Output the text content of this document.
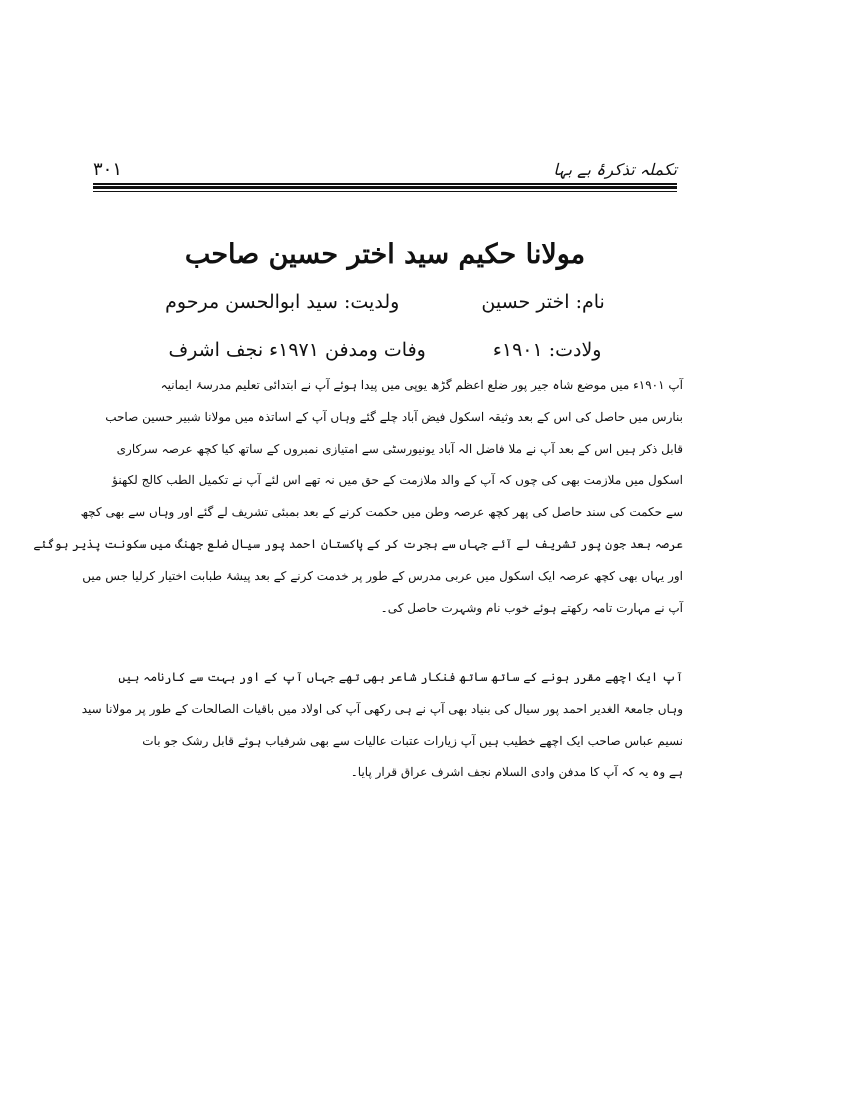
۳۰۱	تکملہ تذکرۂ بے بہا
مولانا حکیم سید اختر حسین صاحب
نام: اختر حسین  ولدیت: سید ابوالحسن مرحوم
ولادت: ۱۹۰۱ء  وفات ومدفن ۱۹۷۱ء نجف اشرف
آپ ۱۹۰۱ء میں موضع شاہ جیر پور ضلع اعظم گڑھ یوپی میں پیدا ہوئے آپ نے ابتدائی تعلیم مدرسۂ ایمانیہ
بنارس میں حاصل کی اس کے بعد وثیقہ اسکول فیض آباد چلے گئے وہاں آپ کے اساتذہ میں مولانا شبیر حسین صاحب
قابل ذکر ہیں اس کے بعد آپ نے ملا فاضل الہ آباد یونیورسٹی سے امتیازی نمبروں کے ساتھ کیا کچھ عرصہ سرکاری
اسکول میں ملازمت بھی کی چوں کہ آپ کے والد ملازمت کے حق میں نہ تھے اس لئے آپ نے تکمیل الطب کالج لکھنؤ
سے حکمت کی سند حاصل کی پھر کچھ عرصہ وطن میں حکمت کرنے کے بعد بمبئی تشریف لے گئے اور وہاں سے بھی کچھ
عرصہ بعد جون پور تشریف لے آئے جہاں سے ہجرت کر کے پاکستان احمد پور سیال ضلع جھنگ میں سکونت پذیر ہوگئے
اور یہاں بھی کچھ عرصہ ایک اسکول میں عربی مدرس کے طور پر خدمت کرنے کے بعد پیشۂ طبابت اختیار کرلیا جس میں
آپ نے مہارت تامہ رکھتے ہوئے خوب نام وشہرت حاصل کی۔
آپ ایک اچھے مقرر ہونے کے ساتھ ساتھ فنکار شاعر بھی تھے جہاں آپ کے اور بہت سے کارنامہ ہیں
وہاں جامعۃ الغدیر احمد پور سیال کی بنیاد بھی آپ نے ہی رکھی آپ کی اولاد میں باقیات الصالحات کے طور پر مولانا سید
نسیم عباس صاحب ایک اچھے خطیب ہیں آپ زیارات عتبات عالیات سے بھی شرفیاب ہوئے قابل رشک جو بات
ہے وہ یہ کہ آپ کا مدفن وادی السلام نجف اشرف عراق قرار پایا۔
